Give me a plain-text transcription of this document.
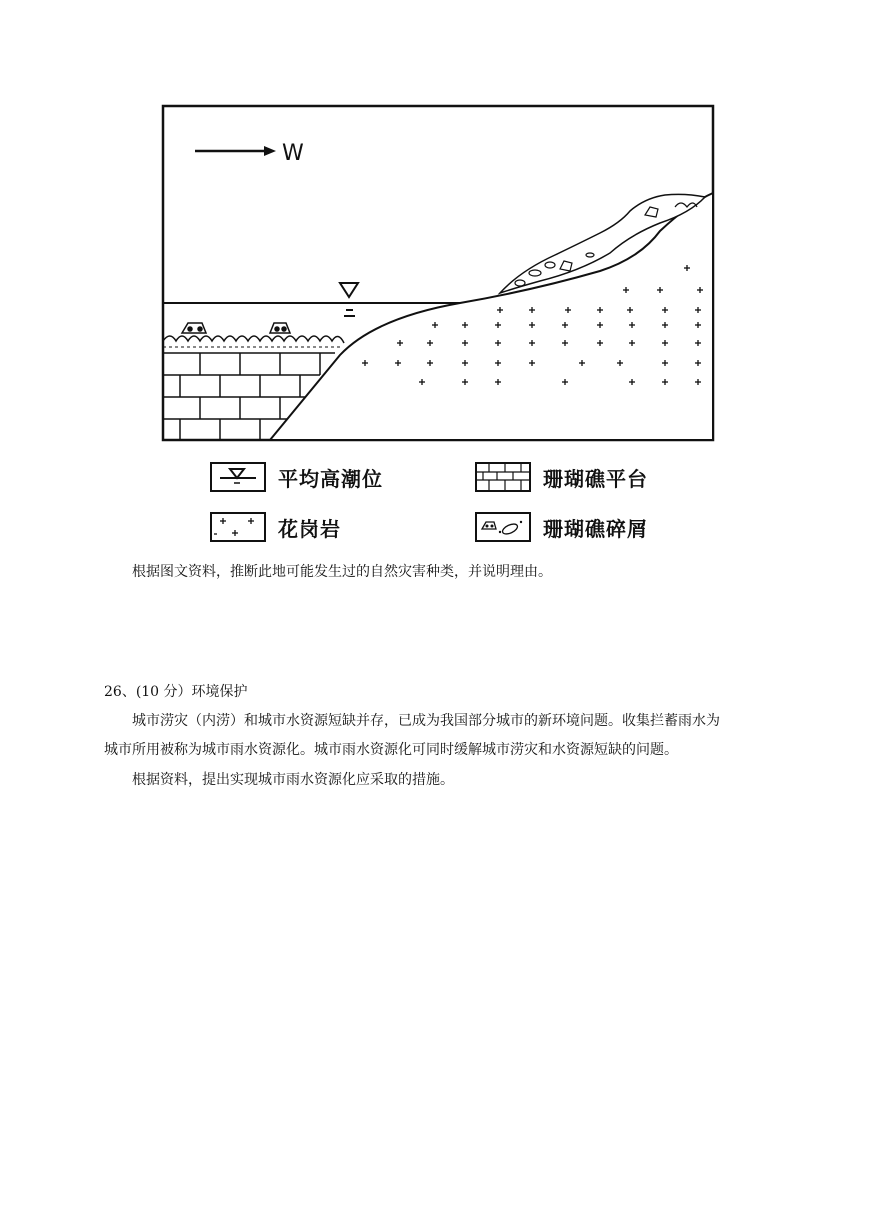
W
平均高潮位	珊瑚礁平台
花岗岩	珊瑚礁碎屑
根据图文资料，推断此地可能发生过的自然灾害种类，并说明理由。
26、(10 分）环境保护
城市涝灾（内涝）和城市水资源短缺并存，已成为我国部分城市的新环境问题。收集拦蓄雨水为
城市所用被称为城市雨水资源化。城市雨水资源化可同时缓解城市涝灾和水资源短缺的问题。
根据资料，提出实现城市雨水资源化应采取的措施。
